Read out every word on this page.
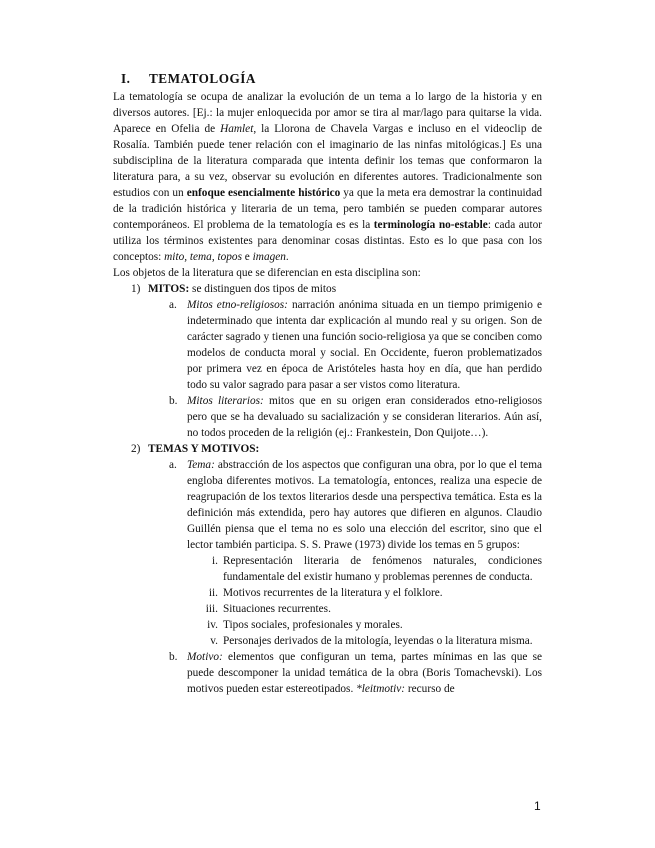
I. TEMATOLOGÍA

La tematología se ocupa de analizar la evolución de un tema a lo largo de la historia y en diversos autores. [Ej.: la mujer enloquecida por amor se tira al mar/lago para quitarse la vida. Aparece en Ofelia de Hamlet, la Llorona de Chavela Vargas e incluso en el videoclip de Rosalía. También puede tener relación con el imaginario de las ninfas mitológicas.] Es una subdisciplina de la literatura comparada que intenta definir los temas que conformaron la literatura para, a su vez, observar su evolución en diferentes autores. Tradicionalmente son estudios con un enfoque esencialmente histórico ya que la meta era demostrar la continuidad de la tradición histórica y literaria de un tema, pero también se pueden comparar autores contemporáneos. El problema de la tematología es es la terminología no-estable: cada autor utiliza los términos existentes para denominar cosas distintas. Esto es lo que pasa con los conceptos: mito, tema, topos e imagen.

Los objetos de la literatura que se diferencian en esta disciplina son:

1) MITOS: se distinguen dos tipos de mitos

a. Mitos etno-religiosos: narración anónima situada en un tiempo primigenio e indeterminado que intenta dar explicación al mundo real y su origen. Son de carácter sagrado y tienen una función socio-religiosa ya que se conciben como modelos de conducta moral y social. En Occidente, fueron problematizados por primera vez en época de Aristóteles hasta hoy en día, que han perdido todo su valor sagrado para pasar a ser vistos como literatura.

b. Mitos literarios: mitos que en su origen eran considerados etno-religiosos pero que se ha devaluado su sacialización y se consideran literarios. Aún así, no todos proceden de la religión (ej.: Frankestein, Don Quijote…).

2) TEMAS Y MOTIVOS:

a. Tema: abstracción de los aspectos que configuran una obra, por lo que el tema engloba diferentes motivos. La tematología, entonces, realiza una especie de reagrupación de los textos literarios desde una perspectiva temática. Esta es la definición más extendida, pero hay autores que difieren en algunos. Claudio Guillén piensa que el tema no es solo una elección del escritor, sino que el lector también participa. S. S. Prawe (1973) divide los temas en 5 grupos:

i. Representación literaria de fenómenos naturales, condiciones fundamentale del existir humano y problemas perennes de conducta.

ii. Motivos recurrentes de la literatura y el folklore.

iii. Situaciones recurrentes.

iv. Tipos sociales, profesionales y morales.

v. Personajes derivados de la mitología, leyendas o la literatura misma.

b. Motivo: elementos que configuran un tema, partes mínimas en las que se puede descomponer la unidad temática de la obra (Boris Tomachevski). Los motivos pueden estar estereotipados. *leitmotiv: recurso de

1
